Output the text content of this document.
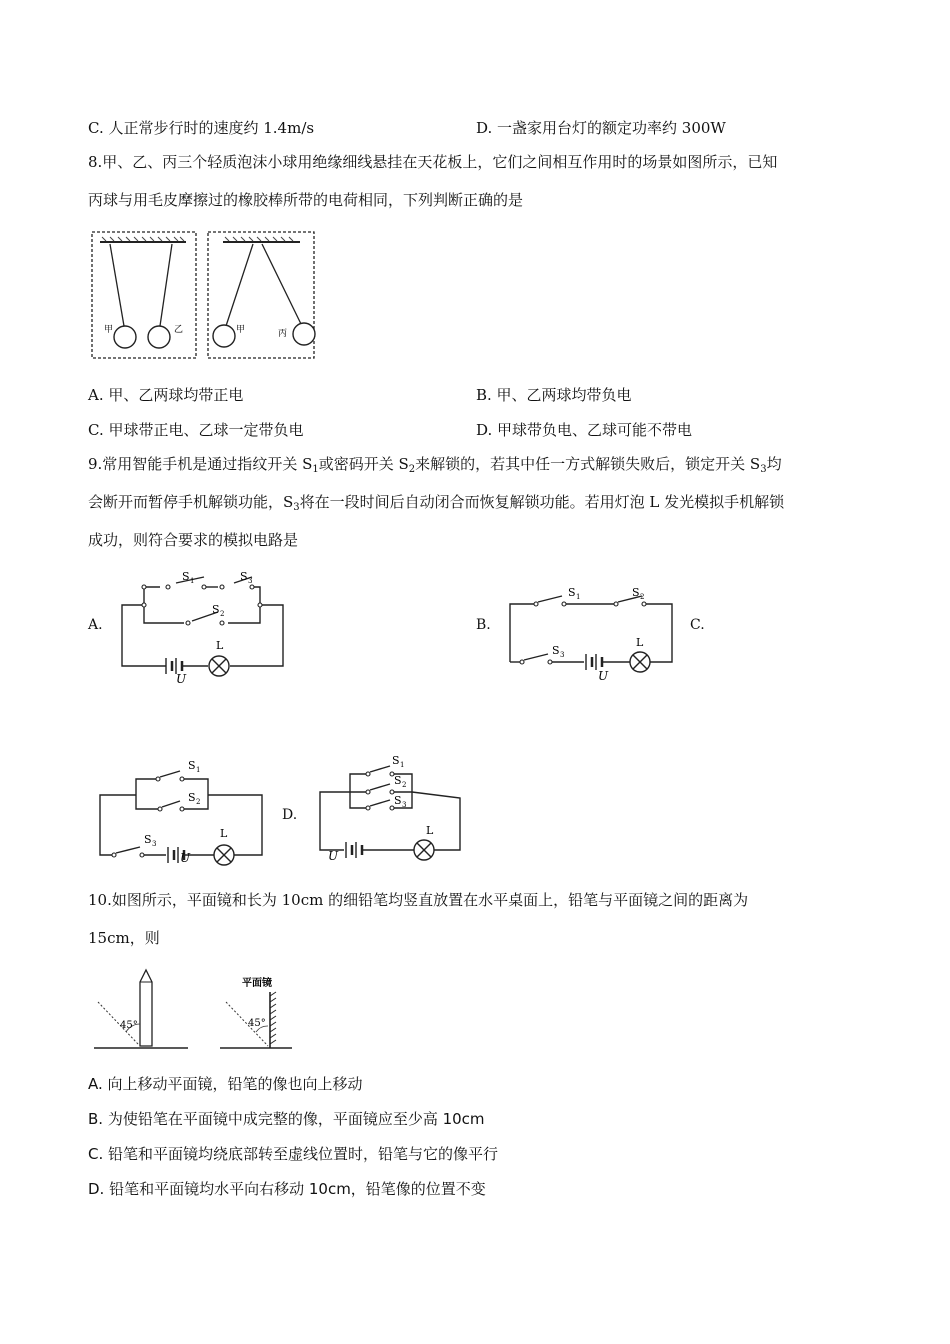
C. 人正常步行时的速度约 1.4m/s	D. 一盏家用台灯的额定功率约 300W
8.甲、乙、丙三个轻质泡沫小球用绝缘细线悬挂在天花板上，它们之间相互作用时的场景如图所示，已知
丙球与用毛皮摩擦过的橡胶棒所带的电荷相同，下列判断正确的是
甲	乙	甲	丙
A. 甲、乙两球均带正电	B. 甲、乙两球均带负电
C. 甲球带正电、乙球一定带负电	D. 甲球带负电、乙球可能不带电
9.常用智能手机是通过指纹开关 $S_1$或密码开关 $S_2$来解锁的，若其中任一方式解锁失败后，锁定开关 $S_3$均
会断开而暂停手机解锁功能，$S_3$将在一段时间后自动闭合而恢复解锁功能。若用灯泡 L 发光模拟手机解锁
成功，则符合要求的模拟电路是
A.	B.	C.
D.
S 1	S 3
S 2
L
U
S 1	S 2
S 3
L
U
S 1
S 2
S 3
L
U
S 1
S 2
S 3
L
U
10.如图所示，平面镜和长为 10cm 的细铅笔均竖直放置在水平桌面上，铅笔与平面镜之间的距离为
15cm，则
45°	45°
平面镜
A. 向上移动平面镜，铅笔的像也向上移动
B. 为使铅笔在平面镜中成完整的像，平面镜应至少高 10cm
C. 铅笔和平面镜均绕底部转至虚线位置时，铅笔与它的像平行
D. 铅笔和平面镜均水平向右移动 10cm，铅笔像的位置不变
